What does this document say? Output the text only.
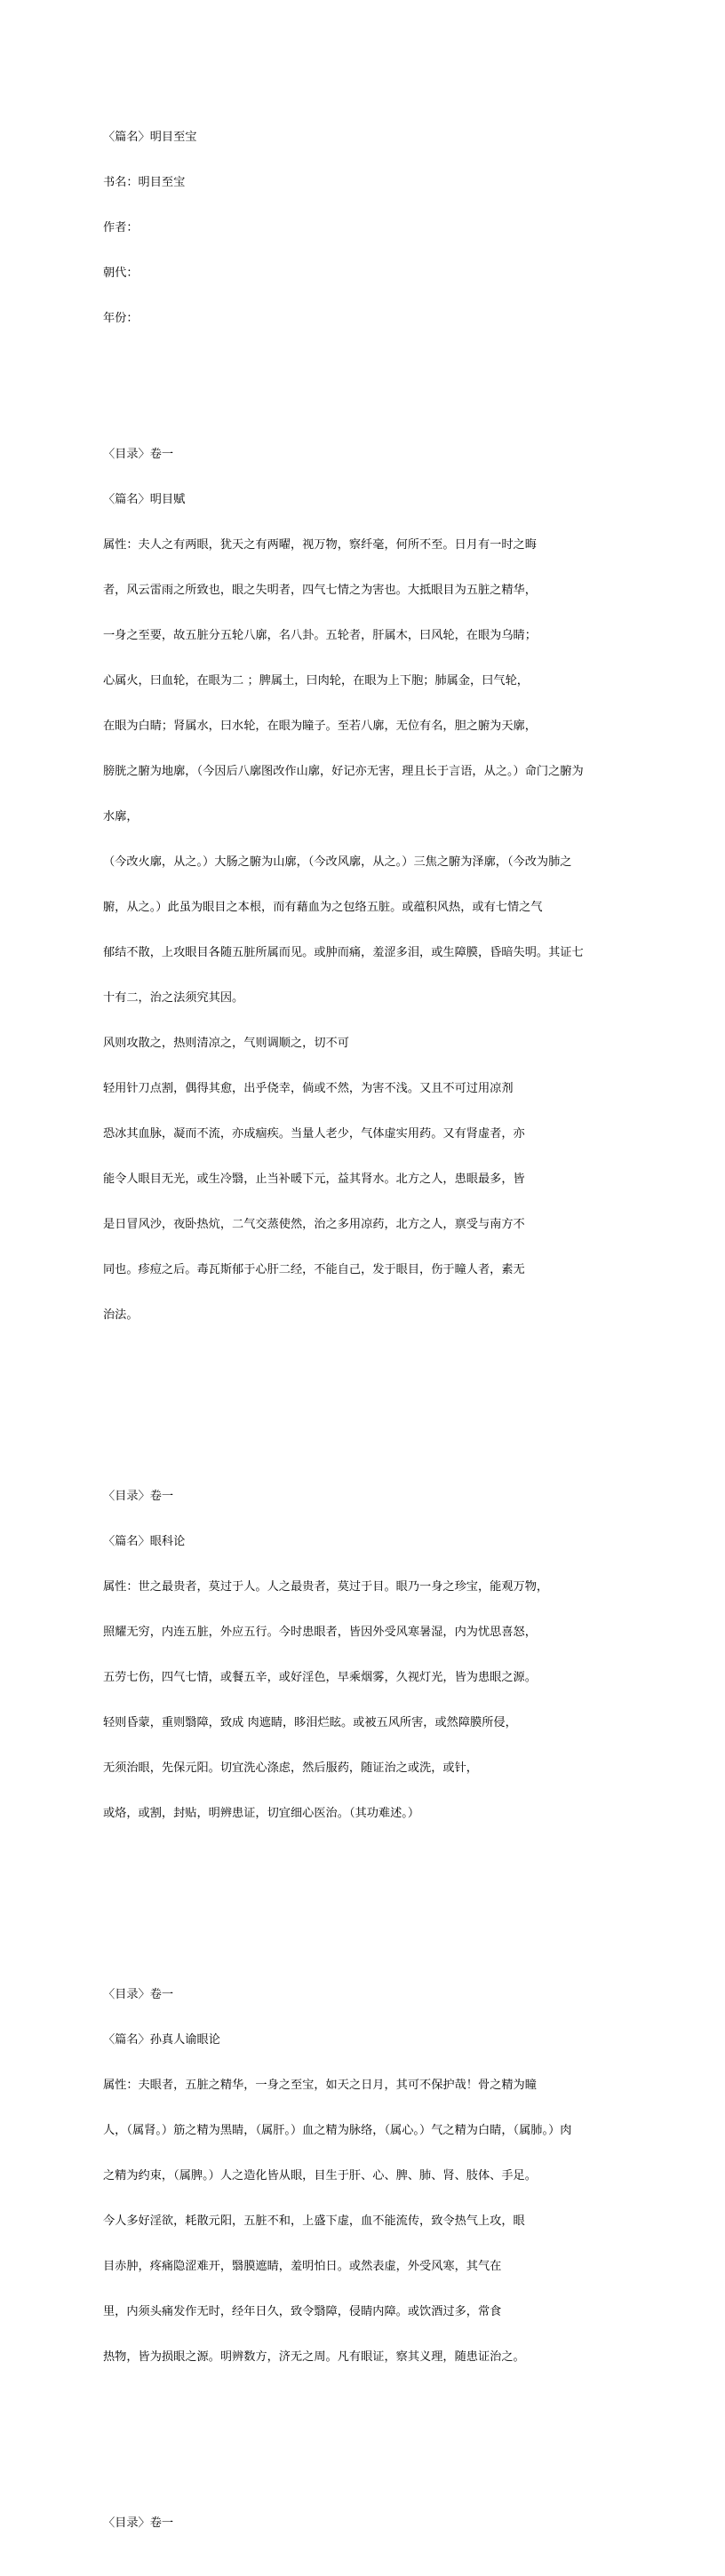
〈篇名〉明目至宝

书名：明目至宝

作者：

朝代：

年份：

〈目录〉卷一

〈篇名〉明目赋

属性：夫人之有两眼，犹天之有两曜，视万物，察纤毫，何所不至。日月有一时之晦

者，风云雷雨之所致也，眼之失明者，四气七情之为害也。大抵眼目为五脏之精华，

一身之至要，故五脏分五轮八廓，名八卦。五轮者，肝属木，曰风轮，在眼为乌睛；

心属火，曰血轮，在眼为二 ；脾属土，曰肉轮，在眼为上下胞；肺属金，曰气轮，

在眼为白睛；肾属水，曰水轮，在眼为瞳子。至若八廓，无位有名，胆之腑为天廓，

膀胱之腑为地廓，（今因后八廓图改作山廓，好记亦无害，理且长于言语，从之。）命门之腑为

水廓，

（今改火廓，从之。）大肠之腑为山廓，（今改风廓，从之。）三焦之腑为泽廓，（今改为肺之

腑，从之。）此虽为眼目之本根，而有藉血为之包络五脏。或蕴积风热，或有七情之气

郁结不散，上攻眼目各随五脏所属而见。或肿而痛，羞涩多泪，或生障膜，昏暗失明。其证七

十有二，治之法须究其因。

风则攻散之，热则清凉之，气则调顺之，切不可

轻用针刀点割，偶得其愈，出乎侥幸，倘或不然，为害不浅。又且不可过用凉剂

恐冰其血脉，凝而不流，亦成痼疾。当量人老少，气体虚实用药。又有肾虚者，亦

能令人眼目无光，或生冷翳，止当补暖下元，益其肾水。北方之人，患眼最多，皆

是日冒风沙，夜卧热炕，二气交蒸使然，治之多用凉药，北方之人，禀受与南方不

同也。疹痘之后。毒瓦斯郁于心肝二经，不能自己，发于眼目，伤于瞳人者，素无

治法。

〈目录〉卷一

〈篇名〉眼科论

属性：世之最贵者，莫过于人。人之最贵者，莫过于目。眼乃一身之珍宝，能观万物，

照耀无穷，内连五脏，外应五行。今时患眼者，皆因外受风寒暑湿，内为忧思喜怒，

五劳七伤，四气七情，或餐五辛，或好淫色，早乘烟雾，久视灯光，皆为患眼之源。

轻则昏蒙，重则翳障，致成 肉遮睛，眵泪烂眩。或被五风所害，或然障膜所侵，

无须治眼，先保元阳。切宜洗心涤虑，然后服药，随证治之或洗，或针，

或烙，或割，封贴，明辨患证，切宜细心医治。（其功难述。）

〈目录〉卷一

〈篇名〉孙真人谕眼论

属性：夫眼者，五脏之精华，一身之至宝，如天之日月，其可不保护哉！骨之精为瞳

人，（属肾。）筋之精为黑睛，（属肝。）血之精为脉络，（属心。）气之精为白睛，（属肺。）肉

之精为约束，（属脾。）人之造化皆从眼，目生于肝、心、脾、肺、肾、肢体、手足。

今人多好淫欲，耗散元阳，五脏不和，上盛下虚，血不能流传，致令热气上攻，眼

目赤肿，疼痛隐涩难开，翳膜遮睛，羞明怕日。或然表虚，外受风寒，其气在

里，内须头痛发作无时，经年日久，致令翳障，侵睛内障。或饮酒过多，常食

热物，皆为损眼之源。明辨数方，济无之周。凡有眼证，察其义理，随患证治之。

〈目录〉卷一
